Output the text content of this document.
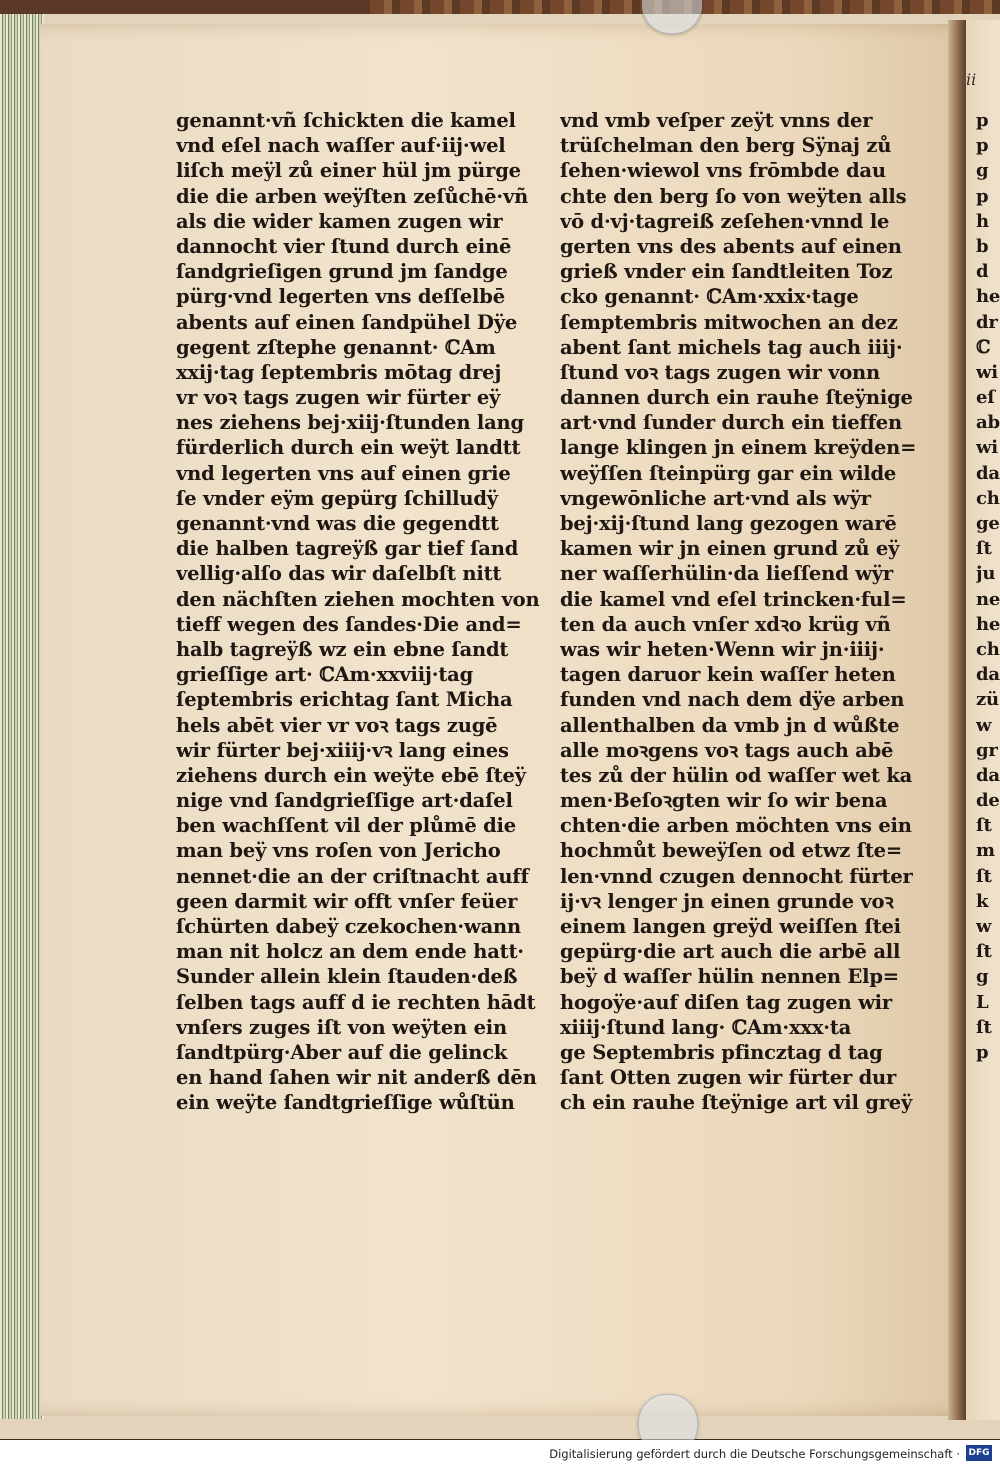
ii
genannt·vñ ſchickten die kamel
vnd eſel nach waſſer auf·iij·wel
liſch meÿl zů einer hül jm pürge
die die arben weÿſten zeſůchē·vñ
als die wider kamen zugen wir
dannocht vier ſtund durch einē
ſandgrieſigen grund jm ſandge
pürg·vnd legerten vns deſſelbē
abents auf einen ſandpühel Dÿe
gegent zſtephe genannt· ℂAm
xxij·tag ſeptembris mōtag drej
vr voꝛ tags zugen wir fürter eÿ
nes ziehens bej·xiij·ſtunden lang
fürderlich durch ein weÿt landtt
vnd legerten vns auf einen grie
ſe vnder eÿm gepürg ſchilludÿ
genannt·vnd was die gegendtt
die halben tagreÿß gar tief ſand
vellig·alſo das wir daſelbſt nitt
den nächſten ziehen mochten von
tieff wegen des ſandes·Die and=
halb tagreÿß wz ein ebne ſandt
grieſſige art· ℂAm·xxviij·tag
ſeptembris erichtag ſant Micha
hels abēt vier vr voꝛ tags zugē
wir fürter bej·xiiij·vꝛ lang eines
ziehens durch ein weÿte ebē ſteÿ
nige vnd ſandgrieſſige art·daſel
ben wachſſent vil der plůmē die
man beÿ vns roſen von Jericho
nennet·die an der criſtnacht auff
geen darmit wir offt vnſer feüer
ſchürten dabeÿ czekochen·wann
man nit holcz an dem ende hatt·
Sunder allein klein ſtauden·deß
ſelben tags auff d ie rechten hādt
vnſers zuges iſt von weÿten ein
ſandtpürg·Aber auf die gelinck
en hand ſahen wir nit anderß dēn
ein weÿte ſandtgrieſſige wůſtün
vnd vmb veſper zeÿt vnns der
trüſchelman den berg Sÿnaj zů
ſehen·wiewol vns frōmbde dau
chte den berg ſo von weÿten alls
vō d·vj·tagreiß zeſehen·vnnd le
gerten vns des abents auf einen
grieß vnder ein ſandtleiten Toz
cko genannt· ℂAm·xxix·tage
ſemptembris mitwochen an dez
abent ſant michels tag auch iiij·
ſtund voꝛ tags zugen wir vonn
dannen durch ein rauhe ſteÿnige
art·vnd ſunder durch ein tieffen
lange klingen jn einem kreÿden=
weÿſſen ſteinpürg gar ein wilde
vngewōnliche art·vnd als wÿr
bej·xij·ſtund lang gezogen warē
kamen wir jn einen grund zů eÿ
ner waſſerhülin·da lieſſend wÿr
die kamel vnd eſel trincken·ful=
ten da auch vnſer xdꝛo krüg vñ
was wir heten·Wenn wir jn·iiij·
tagen daruor kein waſſer heten
funden vnd nach dem dÿe arben
allenthalben da vmb jn d wůßte
alle moꝛgens voꝛ tags auch abē
tes zů der hülin od waſſer wet ka
men·Beſoꝛgten wir ſo wir bena
chten·die arben möchten vns ein
hochmůt beweÿſen od etwz ſte=
len·vnnd czugen dennocht fürter
ij·vꝛ lenger jn einen grunde voꝛ
einem langen greÿd weiſſen ſtei
gepürg·die art auch die arbē all
beÿ d waſſer hülin nennen Elp=
hogoÿe·auf diſen tag zugen wir
xiiij·ſtund lang· ℂAm·xxx·ta
ge Septembris pfincztag d tag
ſant Otten zugen wir fürter dur
ch ein rauhe ſteÿnige art vil greÿ
p
p
g
p
h
b
d
he
dr
ℂ
wi
eſ
ab
wi
da
ch
ge
ſt
ju
ne
he
ch
da
zü
w
gr
da
de
ſt
m
ſt
k
w
ſt
g
L
ſt
p
Digitalisierung gefördert durch die Deutsche Forschungsgemeinschaft · DFG
